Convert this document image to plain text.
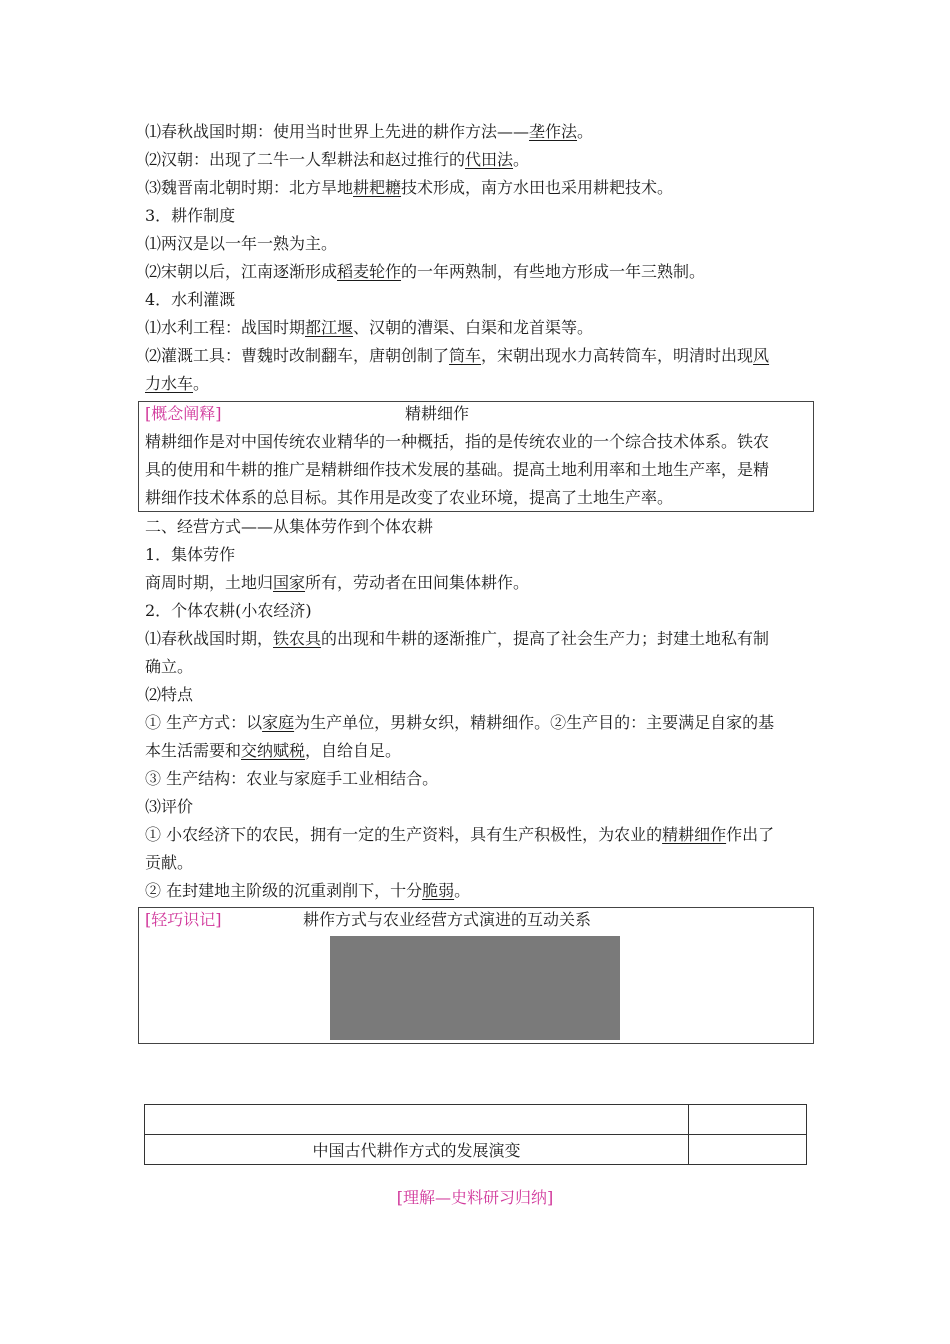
⑴春秋战国时期：使用当时世界上先进的耕作方法——垄作法。
⑵汉朝：出现了二牛一人犁耕法和赵过推行的代田法。
⑶魏晋南北朝时期：北方旱地耕耙耱技术形成，南方水田也采用耕耙技术。
3．耕作制度
⑴两汉是以一年一熟为主。
⑵宋朝以后，江南逐渐形成稻麦轮作的一年两熟制，有些地方形成一年三熟制。
4．水利灌溉
⑴水利工程：战国时期都江堰、汉朝的漕渠、白渠和龙首渠等。
⑵灌溉工具：曹魏时改制翻车，唐朝创制了筒车，宋朝出现水力高转筒车，明清时出现风
力水车。
[概念阐释]	精耕细作
精耕细作是对中国传统农业精华的一种概括，指的是传统农业的一个综合技术体系。铁农
具的使用和牛耕的推广是精耕细作技术发展的基础。提高土地利用率和土地生产率，是精
耕细作技术体系的总目标。其作用是改变了农业环境，提高了土地生产率。
二、经营方式——从集体劳作到个体农耕
1．集体劳作
商周时期，土地归国家所有，劳动者在田间集体耕作。
2．个体农耕(小农经济)
⑴春秋战国时期，铁农具的出现和牛耕的逐渐推广，提高了社会生产力；封建土地私有制
确立。
⑵特点
① 生产方式：以家庭为生产单位，男耕女织，精耕细作。②生产目的：主要满足自家的基
本生活需要和交纳赋税，自给自足。
③ 生产结构：农业与家庭手工业相结合。
⑶评价
① 小农经济下的农民，拥有一定的生产资料，具有生产积极性，为农业的精耕细作作出了
贡献。
② 在封建地主阶级的沉重剥削下，十分脆弱。
[轻巧识记]	耕作方式与农业经营方式演进的互动关系

中国古代耕作方式的发展演变	
[理解—史料研习归纳]
